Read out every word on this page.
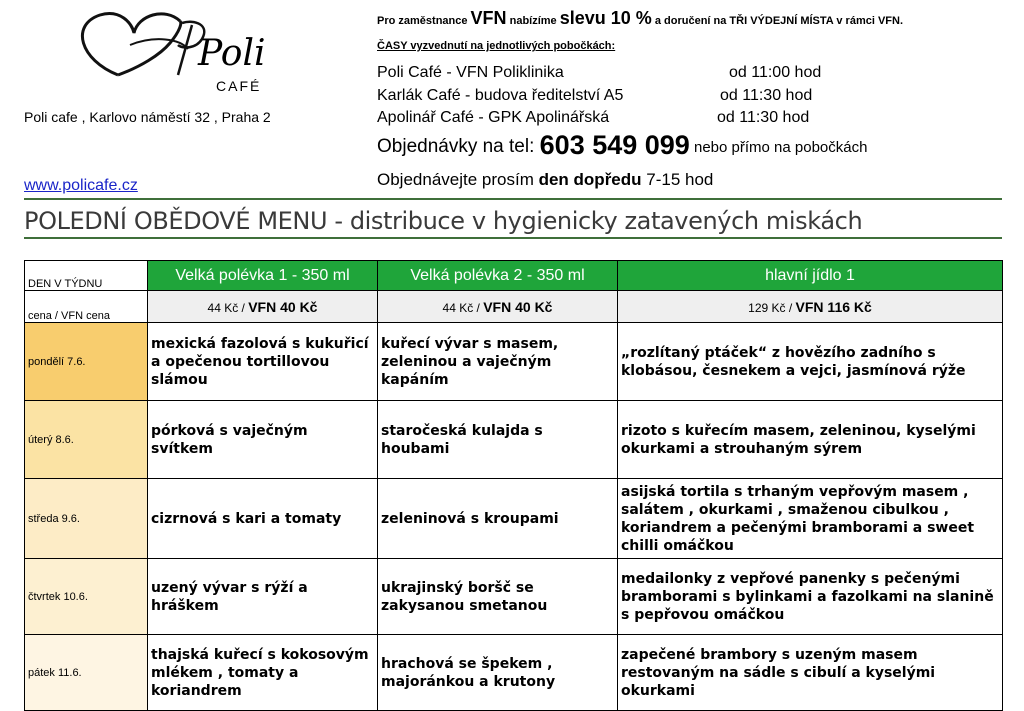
Poli
CAFÉ
Poli cafe , Karlovo náměstí 32 , Praha 2
www.policafe.cz
Pro zaměstnance VFN nabízíme slevu 10 % a doručení na TŘI VÝDEJNÍ MÍSTA v rámci VFN.
ČASY vyzvednutí na jednotlivých pobočkách:
Poli Café - VFN Poliklinika	od 11:00 hod
Karlák Café - budova ředitelství A5	od 11:30 hod
Apolinář Café - GPK Apolinářská	od 11:30 hod
Objednávky na tel: 603 549 099 nebo přímo na pobočkách
Objednávejte prosím den dopředu 7-15 hod
POLEDNÍ OBĚDOVÉ MENU - distribuce v hygienicky zatavených miskách
DEN V TÝDNU	Velká polévka 1 - 350 ml	Velká polévka 2 - 350 ml	hlavní jídlo 1
cena / VFN cena	44 Kč / VFN 40 Kč	44 Kč / VFN 40 Kč	129 Kč / VFN 116 Kč
pondělí 7.6.	mexická fazolová s kukuřicí a opečenou tortillovou slámou	kuřecí vývar s masem, zeleninou a vaječným kapáním	„rozlítaný ptáček“ z hovězího zadního s klobásou, česnekem a vejci, jasmínová rýže
úterý 8.6.	pórková s vaječným svítkem	staročeská kulajda s houbami	rizoto s kuřecím masem, zeleninou, kyselými okurkami a strouhaným sýrem
středa 9.6.	cizrnová s kari a tomaty	zeleninová s kroupami	asijská tortila s trhaným vepřovým masem , salátem , okurkami , smaženou cibulkou , koriandrem a pečenými bramborami a sweet chilli omáčkou
čtvrtek 10.6.	uzený vývar s rýží a hráškem	ukrajinský boršč se zakysanou smetanou	medailonky z vepřové panenky s pečenými bramborami s bylinkami a fazolkami na slanině s pepřovou omáčkou
pátek 11.6.	thajská kuřecí s kokosovým mlékem , tomaty a koriandrem	hrachová se špekem , majoránkou a krutony	zapečené brambory s uzeným masem restovaným na sádle s cibulí a kyselými okurkami
